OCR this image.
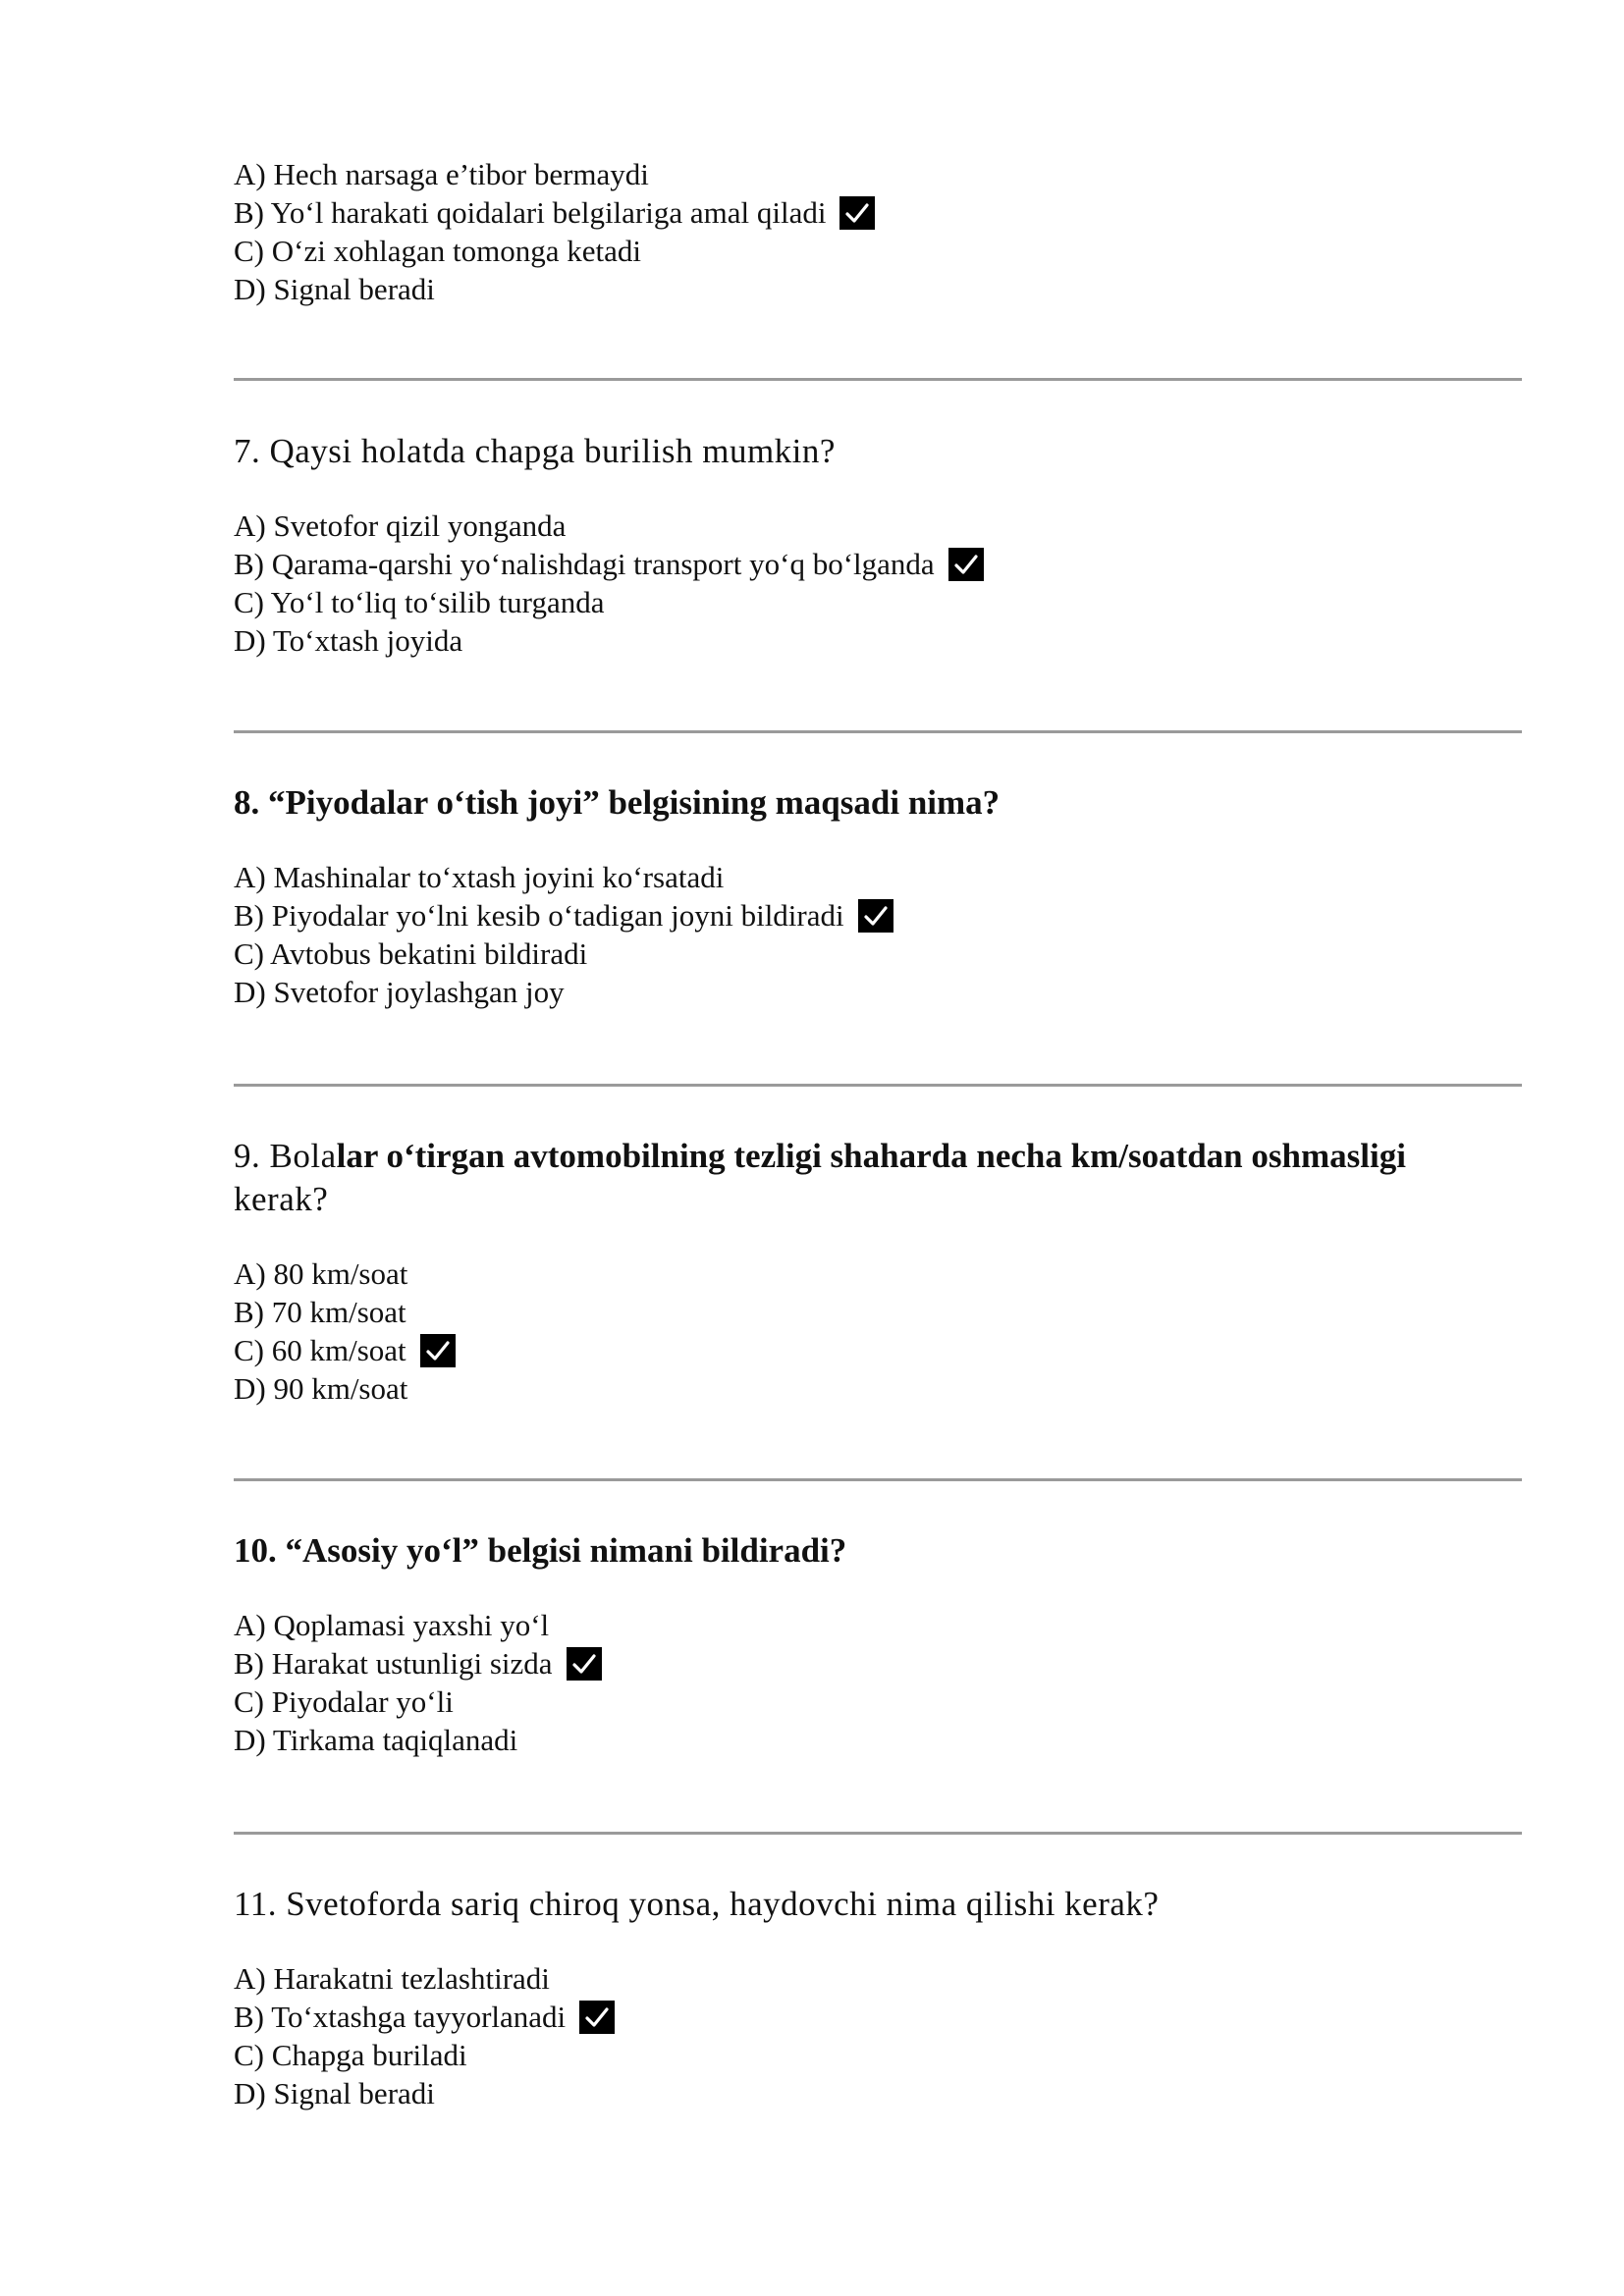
A) Hech narsaga e’tibor bermaydi
B) Yo‘l harakati qoidalari belgilariga amal qiladi
C) O‘zi xohlagan tomonga ketadi
D) Signal beradi
7. Qaysi holatda chapga burilish mumkin?
A) Svetofor qizil yonganda
B) Qarama-qarshi yo‘nalishdagi transport yo‘q bo‘lganda
C) Yo‘l to‘liq to‘silib turganda
D) To‘xtash joyida
8. “Piyodalar o‘tish joyi” belgisining maqsadi nima?
A) Mashinalar to‘xtash joyini ko‘rsatadi
B) Piyodalar yo‘lni kesib o‘tadigan joyni bildiradi
C) Avtobus bekatini bildiradi
D) Svetofor joylashgan joy
9. Bolalar o‘tirgan avtomobilning tezligi shaharda necha km/soatdan oshmasligi
kerak?
A) 80 km/soat
B) 70 km/soat
C) 60 km/soat
D) 90 km/soat
10. “Asosiy yo‘l” belgisi nimani bildiradi?
A) Qoplamasi yaxshi yo‘l
B) Harakat ustunligi sizda
C) Piyodalar yo‘li
D) Tirkama taqiqlanadi
11. Svetoforda sariq chiroq yonsa, haydovchi nima qilishi kerak?
A) Harakatni tezlashtiradi
B) To‘xtashga tayyorlanadi
C) Chapga buriladi
D) Signal beradi
